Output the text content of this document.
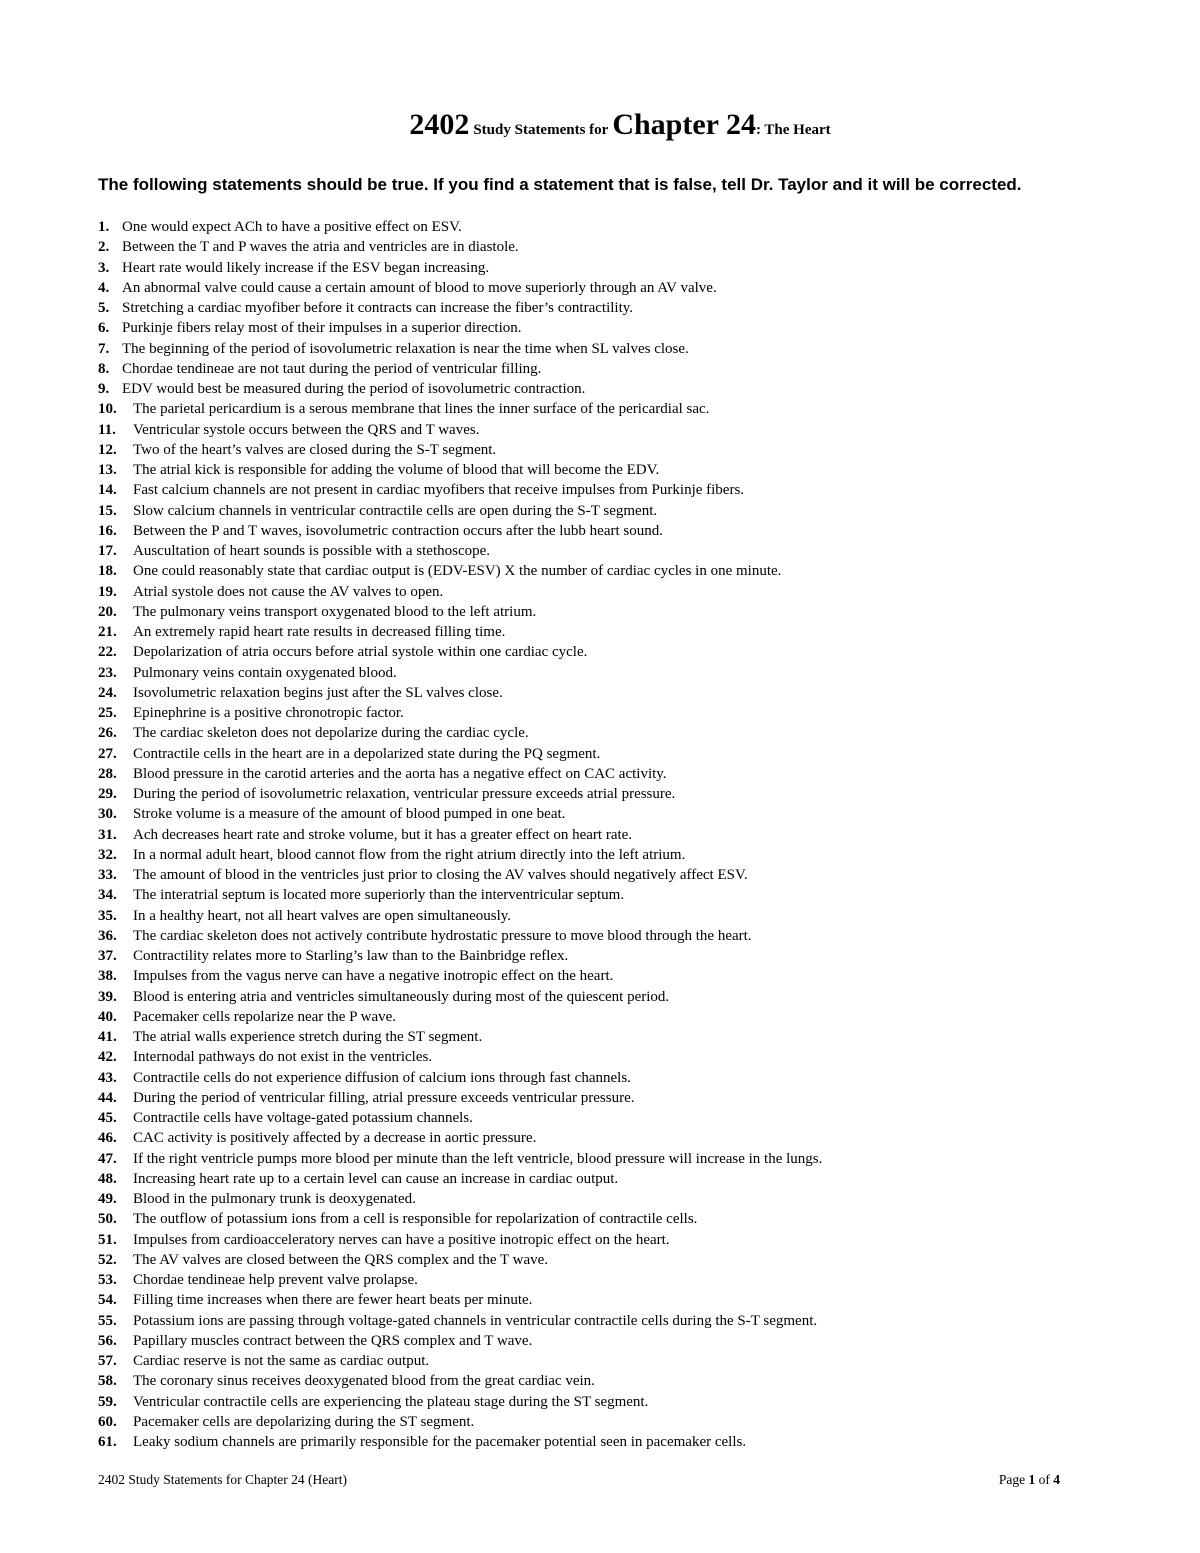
2402 Study Statements for Chapter 24: The Heart
The following statements should be true. If you find a statement that is false, tell Dr. Taylor and it will be corrected.
1. One would expect ACh to have a positive effect on ESV.
2. Between the T and P waves the atria and ventricles are in diastole.
3. Heart rate would likely increase if the ESV began increasing.
4. An abnormal valve could cause a certain amount of blood to move superiorly through an AV valve.
5. Stretching a cardiac myofiber before it contracts can increase the fiber’s contractility.
6. Purkinje fibers relay most of their impulses in a superior direction.
7. The beginning of the period of isovolumetric relaxation is near the time when SL valves close.
8. Chordae tendineae are not taut during the period of ventricular filling.
9. EDV would best be measured during the period of isovolumetric contraction.
10.	The parietal pericardium is a serous membrane that lines the inner surface of the pericardial sac.
11.	Ventricular systole occurs between the QRS and T waves.
12.	Two of the heart’s valves are closed during the S-T segment.
13.	The atrial kick is responsible for adding the volume of blood that will become the EDV.
14.	Fast calcium channels are not present in cardiac myofibers that receive impulses from Purkinje fibers.
15.	Slow calcium channels in ventricular contractile cells are open during the S-T segment.
16.	Between the P and T waves, isovolumetric contraction occurs after the lubb heart sound.
17.	Auscultation of heart sounds is possible with a stethoscope.
18.	One could reasonably state that cardiac output is (EDV-ESV) X the number of cardiac cycles in one minute.
19.	Atrial systole does not cause the AV valves to open.
20.	The pulmonary veins transport oxygenated blood to the left atrium.
21.	An extremely rapid heart rate results in decreased filling time.
22.	Depolarization of atria occurs before atrial systole within one cardiac cycle.
23.	Pulmonary veins contain oxygenated blood.
24.	Isovolumetric relaxation begins just after the SL valves close.
25.	Epinephrine is a positive chronotropic factor.
26.	The cardiac skeleton does not depolarize during the cardiac cycle.
27.	Contractile cells in the heart are in a depolarized state during the PQ segment.
28.	Blood pressure in the carotid arteries and the aorta has a negative effect on CAC activity.
29.	During the period of isovolumetric relaxation, ventricular pressure exceeds atrial pressure.
30.	Stroke volume is a measure of the amount of blood pumped in one beat.
31.	Ach decreases heart rate and stroke volume, but it has a greater effect on heart rate.
32.	In a normal adult heart, blood cannot flow from the right atrium directly into the left atrium.
33.	The amount of blood in the ventricles just prior to closing the AV valves should negatively affect ESV.
34.	The interatrial septum is located more superiorly than the interventricular septum.
35.	In a healthy heart, not all heart valves are open simultaneously.
36.	The cardiac skeleton does not actively contribute hydrostatic pressure to move blood through the heart.
37.	Contractility relates more to Starling’s law than to the Bainbridge reflex.
38.	Impulses from the vagus nerve can have a negative inotropic effect on the heart.
39.	Blood is entering atria and ventricles simultaneously during most of the quiescent period.
40.	Pacemaker cells repolarize near the P wave.
41.	The atrial walls experience stretch during the ST segment.
42.	Internodal pathways do not exist in the ventricles.
43.	Contractile cells do not experience diffusion of calcium ions through fast channels.
44.	During the period of ventricular filling, atrial pressure exceeds ventricular pressure.
45.	Contractile cells have voltage-gated potassium channels.
46.	CAC activity is positively affected by a decrease in aortic pressure.
47.	If the right ventricle pumps more blood per minute than the left ventricle, blood pressure will increase in the lungs.
48.	Increasing heart rate up to a certain level can cause an increase in cardiac output.
49.	Blood in the pulmonary trunk is deoxygenated.
50.	The outflow of potassium ions from a cell is responsible for repolarization of contractile cells.
51.	Impulses from cardioacceleratory nerves can have a positive inotropic effect on the heart.
52.	The AV valves are closed between the QRS complex and the T wave.
53.	Chordae tendineae help prevent valve prolapse.
54.	Filling time increases when there are fewer heart beats per minute.
55.	Potassium ions are passing through voltage-gated channels in ventricular contractile cells during the S-T segment.
56.	Papillary muscles contract between the QRS complex and T wave.
57.	Cardiac reserve is not the same as cardiac output.
58.	The coronary sinus receives deoxygenated blood from the great cardiac vein.
59.	Ventricular contractile cells are experiencing the plateau stage during the ST segment.
60.	Pacemaker cells are depolarizing during the ST segment.
61.	Leaky sodium channels are primarily responsible for the pacemaker potential seen in pacemaker cells.
2402 Study Statements for Chapter 24 (Heart)	Page 1 of 4
